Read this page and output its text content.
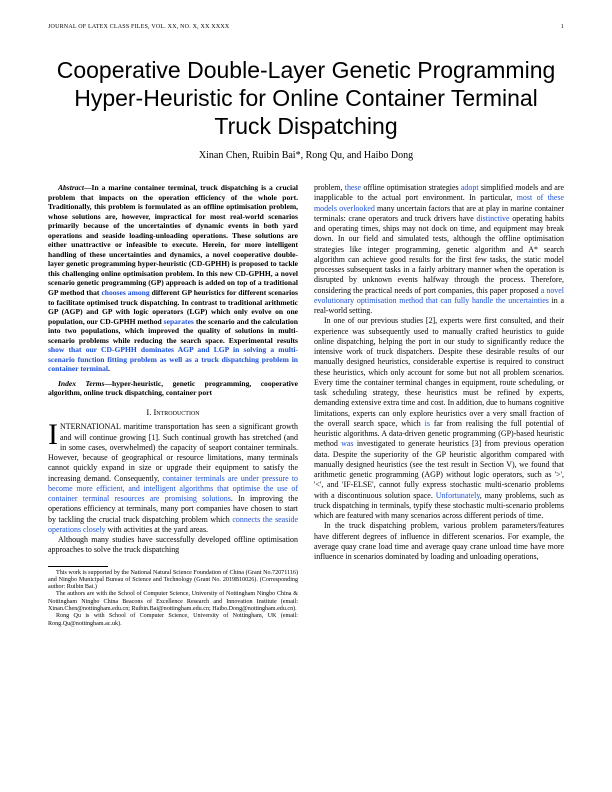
JOURNAL OF LATEX CLASS FILES, VOL. XX, NO. X, XX XXXX	1
Cooperative Double-Layer Genetic Programming
Hyper-Heuristic for Online Container Terminal
Truck Dispatching
Xinan Chen, Ruibin Bai*, Rong Qu, and Haibo Dong

Abstract—In a marine container terminal, truck dispatching is a crucial problem that impacts on the operation efficiency of the whole port. Traditionally, this problem is formulated as an offline optimisation problem, whose solutions are, however, impractical for most real-world scenarios primarily because of the uncertainties of dynamic events in both yard operations and seaside loading-unloading operations. These solutions are either unattractive or infeasible to execute. Herein, for more intelligent handling of these uncertainties and dynamics, a novel cooperative double-layer genetic programming hyper-heuristic (CD-GPHH) is proposed to tackle this challenging online optimisation problem. In this new CD-GPHH, a novel scenario genetic programming (GP) approach is added on top of a traditional GP method that chooses among different GP heuristics for different scenarios to facilitate optimised truck dispatching. In contrast to traditional arithmetic GP (AGP) and GP with logic operators (LGP) which only evolve on one population, our CD-GPHH method separates the scenario and the calculation into two populations, which improved the quality of solutions in multi-scenario problems while reducing the search space. Experimental results show that our CD-GPHH dominates AGP and LGP in solving a multi-scenario function fitting problem as well as a truck dispatching problem in container terminal.

Index Terms—hyper-heuristic, genetic programming, cooperative algorithm, online truck dispatching, container port

I. Introduction

INTERNATIONAL maritime transportation has seen a significant growth and will continue growing [1]. Such continual growth has stretched (and in some cases, overwhelmed) the capacity of seaport container terminals. However, because of geographical or resource limitations, many terminals cannot quickly expand in size or upgrade their equipment to satisfy the increasing demand. Consequently, container terminals are under pressure to become more efficient, and intelligent algorithms that optimise the use of container terminal resources are promising solutions. In improving the operations efficiency at terminals, many port companies have chosen to start by tackling the crucial truck dispatching problem which connects the seaside operations closely with activities at the yard areas.

Although many studies have successfully developed offline optimisation approaches to solve the truck dispatching

This work is supported by the National Natural Science Foundation of China (Grant No.72071116) and Ningbo Municipal Bureau of Science and Technology (Grant No. 2019B10026). (Corresponding author: Ruibin Bai.)

The authors are with the School of Computer Science, University of Nottingham Ningbo China & Nottingham Ningbo China Beacons of Excellence Research and Innovation Institute (email: Xinan.Chen@nottingham.edu.cn; Ruibin.Bai@nottingham.edu.cn; Haibo.Dong@nottingham.edu.cn).

Rong Qu is with School of Computer Science, University of Nottingham, UK (email: Rong.Qu@nottingham.ac.uk).

problem, these offline optimisation strategies adopt simplified models and are inapplicable to the actual port environment. In particular, most of these models overlooked many uncertain factors that are at play in marine container terminals: crane operators and truck drivers have distinctive operating habits and operating times, ships may not dock on time, and equipment may break down. In our field and simulated tests, although the offline optimisation strategies like integer programming, genetic algorithm and A* search algorithm can achieve good results for the first few tasks, the static model processes subsequent tasks in a fairly arbitrary manner when the operation is disrupted by unknown events halfway through the process. Therefore, considering the practical needs of port companies, this paper proposed a novel evolutionary optimisation method that can fully handle the uncertainties in a real-world setting.

In one of our previous studies [2], experts were first consulted, and their experience was subsequently used to manually crafted heuristics to guide online dispatching, helping the port in our study to significantly reduce the intensive work of truck dispatchers. Despite these desirable results of our manually designed heuristics, considerable expertise is required to construct these heuristics, which only account for some but not all problem scenarios. Every time the container terminal changes in equipment, route scheduling, or task scheduling strategy, these heuristics must be refined by experts, demanding extensive extra time and cost. In addition, due to humans cognitive limitations, experts can only explore heuristics over a very small fraction of the overall search space, which is far from realising the full potential of heuristic algorithms. A data-driven genetic programming (GP)-based heuristic method was investigated to generate heuristics [3] from previous operation data. Despite the superiority of the GP heuristic algorithm compared with manually designed heuristics (see the test result in Section V), we found that arithmetic genetic programming (AGP) without logic operators, such as '>', '<', and 'IF-ELSE', cannot fully express stochastic multi-scenario problems with a discontinuous solution space. Unfortunately, many problems, such as truck dispatching in terminals, typify these stochastic multi-scenario problems which are featured with many scenarios across different periods of time.

In the truck dispatching problem, various problem parameters/features have different degrees of influence in different scenarios. For example, the average quay crane load time and average quay crane unload time have more influence in scenarios dominated by loading and unloading operations,
